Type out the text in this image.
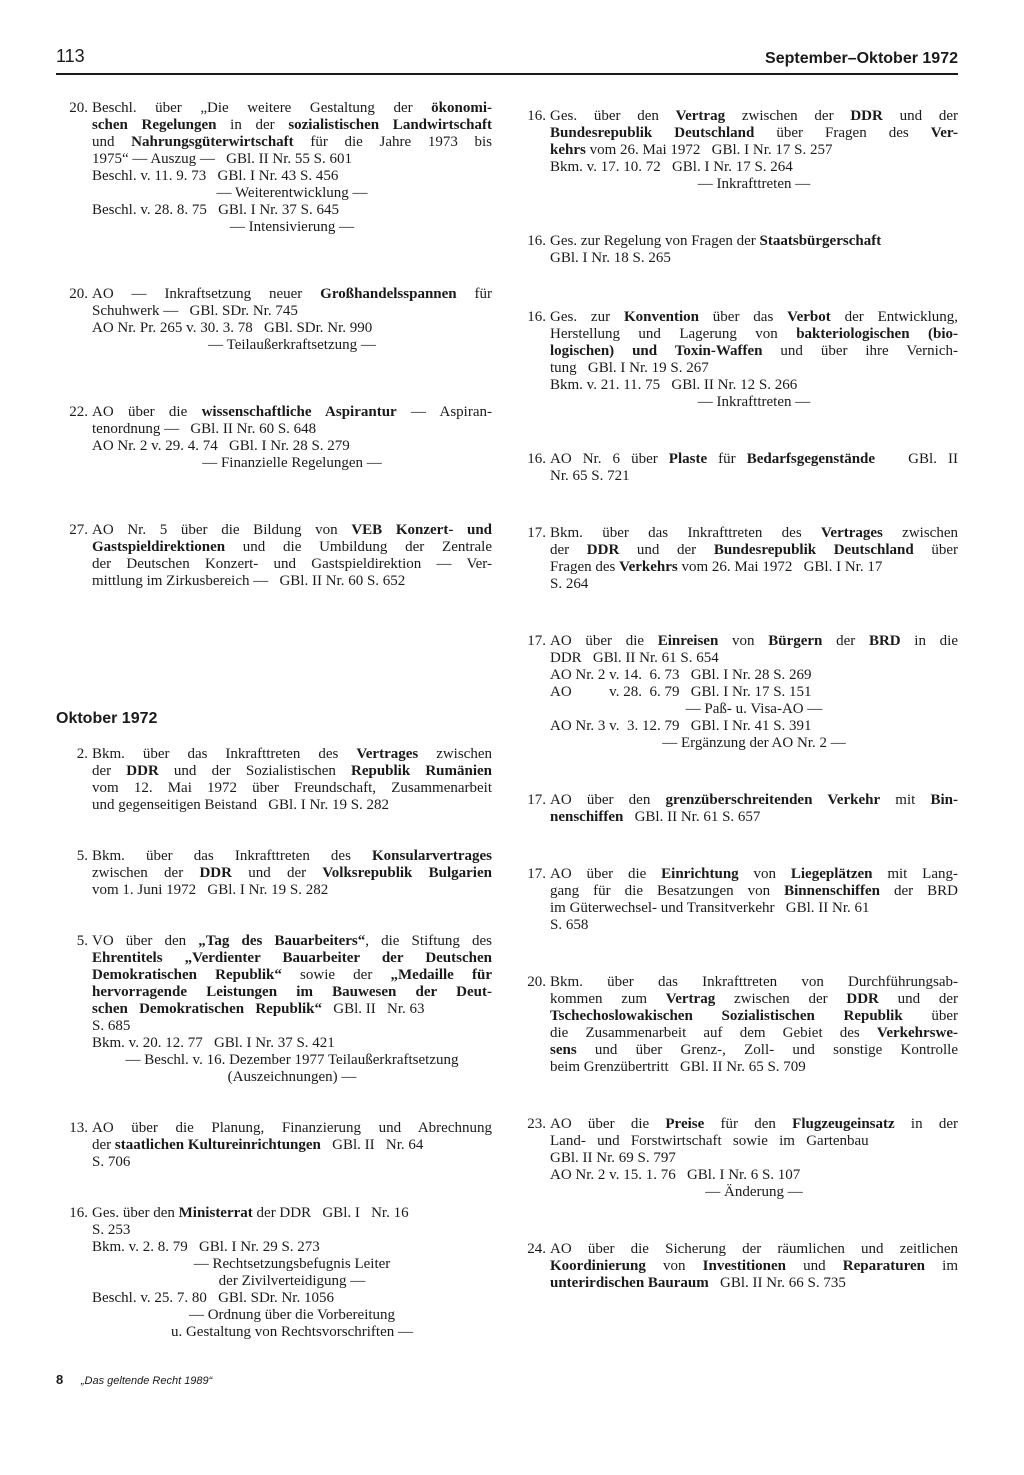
113	September–Oktober 1972
20. Beschl. über „Die weitere Gestaltung der ökonomi-
schen Regelungen in der sozialistischen Landwirtschaft
und Nahrungsgüterwirtschaft für die Jahre 1973 bis
1975“ — Auszug —   GBl. II Nr. 55 S. 601
Beschl. v. 11. 9. 73   GBl. I Nr. 43 S. 456
— Weiterentwicklung —
Beschl. v. 28. 8. 75   GBl. I Nr. 37 S. 645
— Intensivierung —
20. AO — Inkraftsetzung neuer Großhandelsspannen für
Schuhwerk —   GBl. SDr. Nr. 745
AO Nr. Pr. 265 v. 30. 3. 78   GBl. SDr. Nr. 990
— Teilaußerkraftsetzung —
22. AO über die wissenschaftliche Aspirantur — Aspiran-
tenordnung —   GBl. II Nr. 60 S. 648
AO Nr. 2 v. 29. 4. 74   GBl. I Nr. 28 S. 279
— Finanzielle Regelungen —
27. AO Nr. 5 über die Bildung von VEB Konzert- und
Gastspieldirektionen und die Umbildung der Zentrale
der Deutschen Konzert- und Gastspieldirektion — Ver-
mittlung im Zirkusbereich —   GBl. II Nr. 60 S. 652
Oktober 1972
2. Bkm. über das Inkrafttreten des Vertrages zwischen
der DDR und der Sozialistischen Republik Rumänien
vom 12. Mai 1972 über Freundschaft, Zusammenarbeit
und gegenseitigen Beistand   GBl. I Nr. 19 S. 282
5. Bkm. über das Inkrafttreten des Konsularvertrages
zwischen der DDR und der Volksrepublik Bulgarien
vom 1. Juni 1972   GBl. I Nr. 19 S. 282
5. VO über den „Tag des Bauarbeiters“, die Stiftung des
Ehrentitels „Verdienter Bauarbeiter der Deutschen
Demokratischen Republik“ sowie der „Medaille für
hervorragende Leistungen im Bauwesen der Deut-
schen   Demokratischen   Republik“   GBl. II   Nr. 63
S. 685
Bkm. v. 20. 12. 77   GBl. I Nr. 37 S. 421
— Beschl. v. 16. Dezember 1977 Teilaußerkraftsetzung
(Auszeichnungen) —
13. AO über die Planung, Finanzierung und Abrechnung
der staatlichen Kultureinrichtungen   GBl. II   Nr. 64
S. 706
16. Ges. über den Ministerrat der DDR   GBl. I   Nr. 16
S. 253
Bkm. v. 2. 8. 79   GBl. I Nr. 29 S. 273
— Rechtsetzungsbefugnis Leiter
der Zivilverteidigung —
Beschl. v. 25. 7. 80   GBl. SDr. Nr. 1056
— Ordnung über die Vorbereitung
u. Gestaltung von Rechtsvorschriften —
16. Ges. über den Vertrag zwischen der DDR und der
Bundesrepublik Deutschland über Fragen des Ver-
kehrs vom 26. Mai 1972   GBl. I Nr. 17 S. 257
Bkm. v. 17. 10. 72   GBl. I Nr. 17 S. 264
— Inkrafttreten —
16. Ges. zur Regelung von Fragen der Staatsbürgerschaft
GBl. I Nr. 18 S. 265
16. Ges. zur Konvention über das Verbot der Entwicklung,
Herstellung und Lagerung von bakteriologischen (bio-
logischen) und Toxin-Waffen und über ihre Vernich-
tung   GBl. I Nr. 19 S. 267
Bkm. v. 21. 11. 75   GBl. II Nr. 12 S. 266
— Inkrafttreten —
16. AO Nr. 6 über Plaste für Bedarfsgegenstände   GBl. II
Nr. 65 S. 721
17. Bkm. über das Inkrafttreten des Vertrages zwischen
der DDR und der Bundesrepublik Deutschland über
Fragen des Verkehrs vom 26. Mai 1972   GBl. I Nr. 17
S. 264
17. AO über die Einreisen von Bürgern der BRD in die
DDR   GBl. II Nr. 61 S. 654
AO Nr. 2 v. 14.  6. 73   GBl. I Nr. 28 S. 269
AO          v. 28.  6. 79   GBl. I Nr. 17 S. 151
— Paß- u. Visa-AO —
AO Nr. 3 v.  3. 12. 79   GBl. I Nr. 41 S. 391
— Ergänzung der AO Nr. 2 —
17. AO über den grenzüberschreitenden Verkehr mit Bin-
nenschiffen   GBl. II Nr. 61 S. 657
17. AO über die Einrichtung von Liegeplätzen mit Lang-
gang für die Besatzungen von Binnenschiffen der BRD
im Güterwechsel- und Transitverkehr   GBl. II Nr. 61
S. 658
20. Bkm. über das Inkrafttreten von Durchführungsab-
kommen zum Vertrag zwischen der DDR und der
Tschechoslowakischen Sozialistischen Republik über
die Zusammenarbeit auf dem Gebiet des Verkehrswe-
sens und über Grenz-, Zoll- und sonstige Kontrolle
beim Grenzübertritt   GBl. II Nr. 65 S. 709
23. AO über die Preise für den Flugzeugeinsatz in der
Land-   und   Forstwirtschaft   sowie   im   Gartenbau
GBl. II Nr. 69 S. 797
AO Nr. 2 v. 15. 1. 76   GBl. I Nr. 6 S. 107
— Änderung —
24. AO über die Sicherung der räumlichen und zeitlichen
Koordinierung von Investitionen und Reparaturen im
unterirdischen Bauraum   GBl. II Nr. 66 S. 735
8 „Das geltende Recht 1989“
